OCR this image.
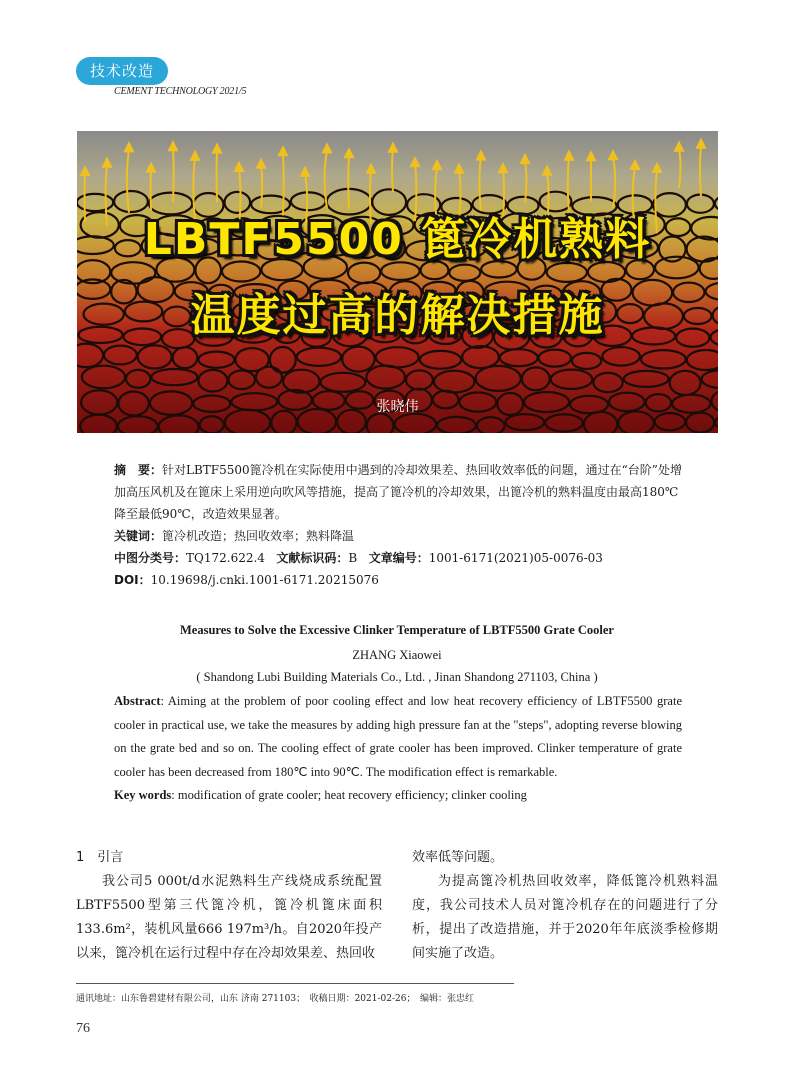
技术改造
CEMENT TECHNOLOGY 2021/5
LBTF5500 篦冷机熟料
温度过高的解决措施
张晓伟

摘　要：针对LBTF5500篦冷机在实际使用中遇到的冷却效果差、热回收效率低的问题，通过在“台阶”处增加高压风机及在篦床上采用逆向吹风等措施，提高了篦冷机的冷却效果，出篦冷机的熟料温度由最高180℃降至最低90℃，改造效果显著。

关键词：篦冷机改造；热回收效率；熟料降温

中图分类号：TQ172.622.4 文献标识码：B 文章编号：1001-6171(2021)05-0076-03

DOI：10.19698/j.cnki.1001-6171.20215076

Measures to Solve the Excessive Clinker Temperature of LBTF5500 Grate Cooler
ZHANG Xiaowei
( Shandong Lubi Building Materials Co., Ltd. , Jinan Shandong 271103, China )

Abstract: Aiming at the problem of poor cooling effect and low heat recovery efficiency of LBTF5500 grate cooler in practical use, we take the measures by adding high pressure fan at the "steps", adopting reverse blowing on the grate bed and so on. The cooling effect of grate cooler has been improved. Clinker temperature of grate cooler has been decreased from 180℃ into 90℃. The modification effect is remarkable.

Key words: modification of grate cooler; heat recovery efficiency; clinker cooling

1　引言

我公司5 000t/d水泥熟料生产线烧成系统配置LBTF5500型第三代篦冷机，篦冷机篦床面积133.6m²，装机风量666 197m³/h。自2020年投产以来，篦冷机在运行过程中存在冷却效果差、热回收

效率低等问题。

为提高篦冷机热回收效率，降低篦冷机熟料温度，我公司技术人员对篦冷机存在的问题进行了分析，提出了改造措施，并于2020年年底淡季检修期间实施了改造。

通讯地址：山东鲁碧建材有限公司，山东 济南 271103；　收稿日期：2021-02-26；　编辑：张忠红
76
